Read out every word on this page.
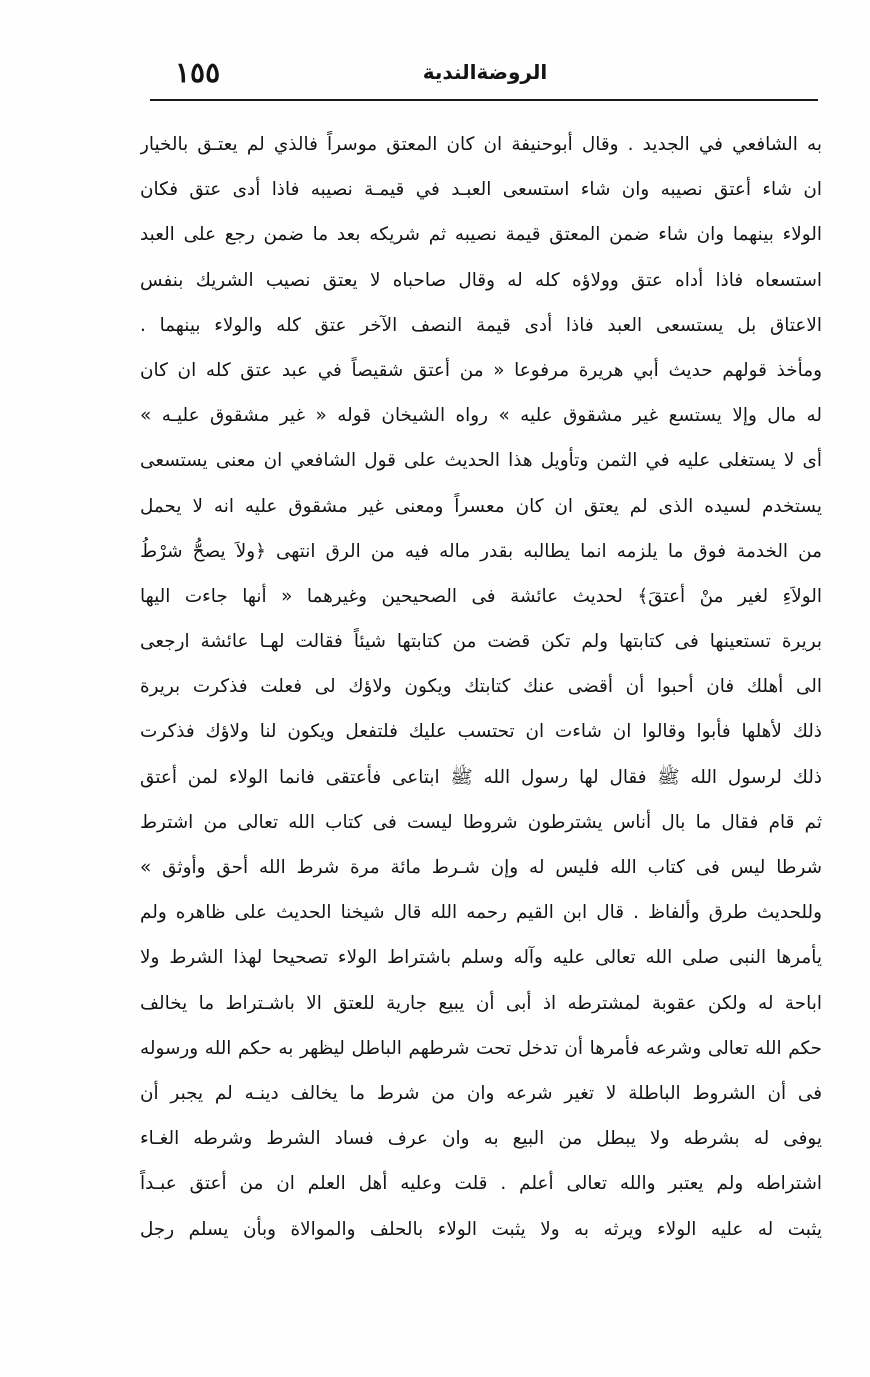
١٥٥	الروضةالندية
به الشافعي في الجديد . وقال أبوحنيفة ان كان المعتق موسراً فالذي لم يعتـق بالخيار
ان شاء أعتق نصيبه وان شاء استسعى العبـد في قيمـة نصيبه فاذا أدى عتق فكان
الولاء بينهما وان شاء ضمن المعتق قيمة نصيبه ثم شريكه بعد ما ضمن رجع على العبد
استسعاه فاذا أداه عتق وولاؤه كله له وقال صاحباه لا يعتق نصيب الشريك بنفس
الاعتاق بل يستسعى العبد فاذا أدى قيمة النصف الآخر عتق كله والولاء بينهما .
ومأخذ قولهم حديث أبي هريرة مرفوعا « من أعتق شقيصاً في عبد عتق كله ان كان
له مال وإلا يستسع غير مشقوق عليه » رواه الشيخان قوله « غير مشقوق عليـه »
أى لا يستغلى عليه في الثمن وتأويل هذا الحديث على قول الشافعي ان معنى يستسعى
يستخدم لسيده الذى لم يعتق ان كان معسراً ومعنى غير مشقوق عليه انه لا يحمل
من الخدمة فوق ما يلزمه انما يطالبه بقدر ماله فيه من الرق انتهى ﴿ولاَ يصحُّ شرْطُ
الولاَءِ لغير منْ أعتقَ﴾ لحديث عائشة فى الصحيحين وغيرهما « أنها جاءت اليها
بريرة تستعينها فى كتابتها ولم تكن قضت من كتابتها شيئاً فقالت لهـا عائشة ارجعى
الى أهلك فان أحبوا أن أقضى عنك كتابتك ويكون ولاؤك لى فعلت فذكرت بريرة
ذلك لأهلها فأبوا وقالوا ان شاءت ان تحتسب عليك فلتفعل ويكون لنا ولاؤك فذكرت
ذلك لرسول الله ﷺ فقال لها رسول الله ﷺ ابتاعى فأعتقى فانما الولاء لمن أعتق
ثم قام فقال ما بال أناس يشترطون شروطا ليست فى كتاب الله تعالى من اشترط
شرطا ليس فى كتاب الله فليس له وإن شـرط مائة مرة شرط الله أحق وأوثق »
وللحديث طرق وألفاظ . قال ابن القيم رحمه الله قال شيخنا الحديث على ظاهره ولم
يأمرها النبى صلى الله تعالى عليه وآله وسلم باشتراط الولاء تصحيحا لهذا الشرط ولا
اباحة له ولكن عقوبة لمشترطه اذ أبى أن يبيع جارية للعتق الا باشـتراط ما يخالف
حكم الله تعالى وشرعه فأمرها أن تدخل تحت شرطهم الباطل ليظهر به حكم الله ورسوله
فى أن الشروط الباطلة لا تغير شرعه وان من شرط ما يخالف دينـه لم يجبر أن
يوفى له بشرطه ولا يبطل من البيع به وان عرف فساد الشرط وشرطه الغـاء
اشتراطه ولم يعتبر والله تعالى أعلم . قلت وعليه أهل العلم ان من أعتق عبـداً
يثبت له عليه الولاء ويرثه به ولا يثبت الولاء بالحلف والموالاة وبأن يسلم رجل
